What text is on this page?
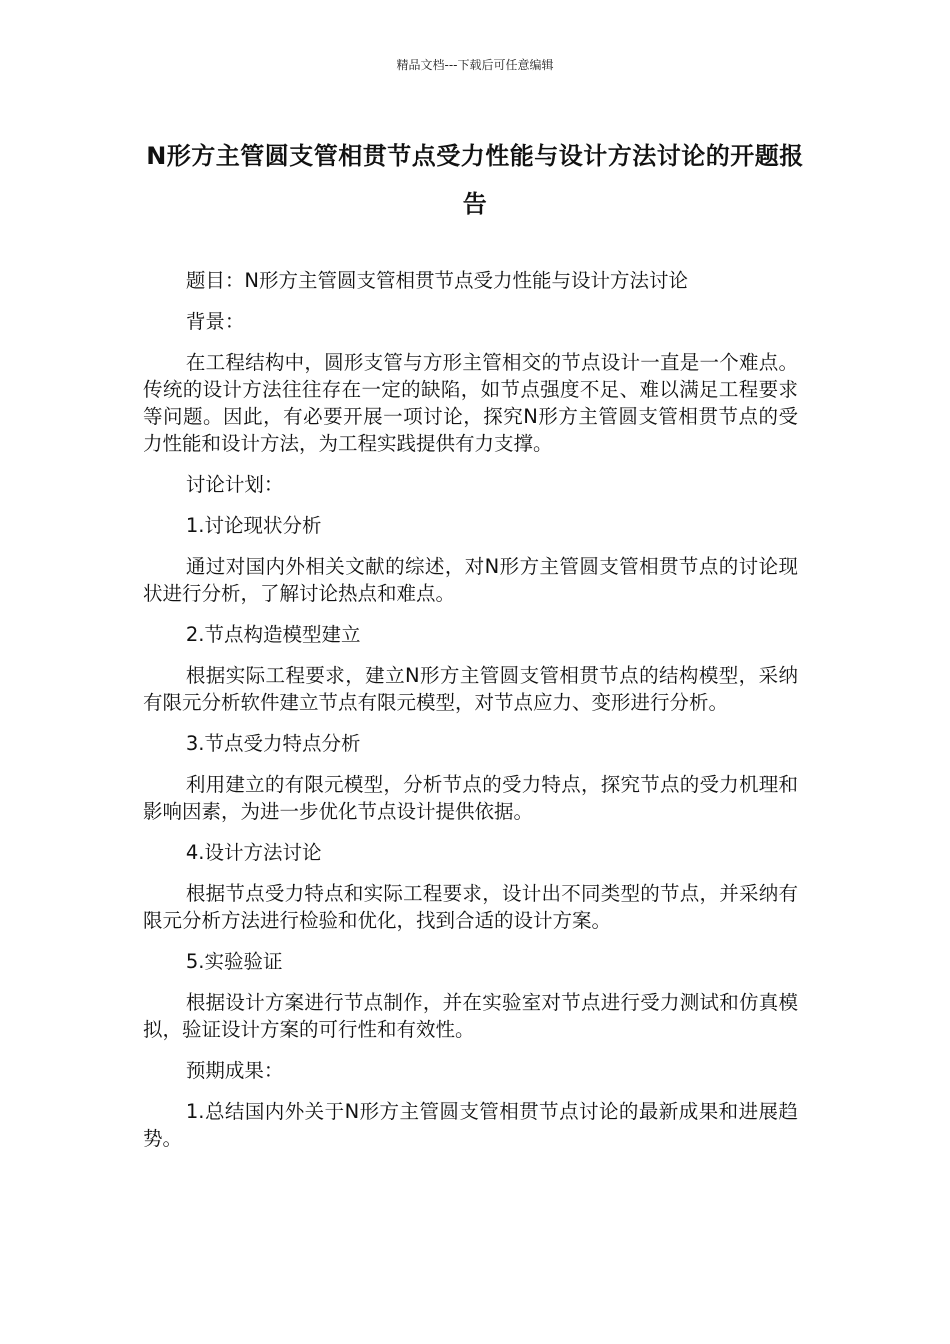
精品文档---下载后可任意编辑
N形方主管圆支管相贯节点受力性能与设计方法讨论的开题报告

题目：N形方主管圆支管相贯节点受力性能与设计方法讨论

背景：

在工程结构中，圆形支管与方形主管相交的节点设计一直是一个难点。传统的设计方法往往存在一定的缺陷，如节点强度不足、难以满足工程要求等问题。因此，有必要开展一项讨论，探究N形方主管圆支管相贯节点的受力性能和设计方法，为工程实践提供有力支撑。

讨论计划：

1.讨论现状分析

通过对国内外相关文献的综述，对N形方主管圆支管相贯节点的讨论现状进行分析，了解讨论热点和难点。

2.节点构造模型建立

根据实际工程要求，建立N形方主管圆支管相贯节点的结构模型，采纳有限元分析软件建立节点有限元模型，对节点应力、变形进行分析。

3.节点受力特点分析

利用建立的有限元模型，分析节点的受力特点，探究节点的受力机理和影响因素，为进一步优化节点设计提供依据。

4.设计方法讨论

根据节点受力特点和实际工程要求，设计出不同类型的节点，并采纳有限元分析方法进行检验和优化，找到合适的设计方案。

5.实验验证

根据设计方案进行节点制作，并在实验室对节点进行受力测试和仿真模拟，验证设计方案的可行性和有效性。

预期成果：

1.总结国内外关于N形方主管圆支管相贯节点讨论的最新成果和进展趋势。
